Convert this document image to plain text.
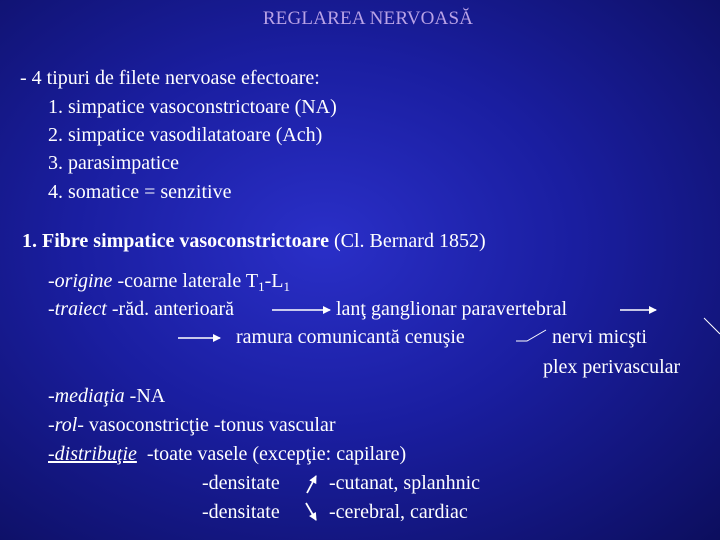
REGLAREA NERVOASĂ
- 4 tipuri de filete nervoase efectoare:
1. simpatice vasoconstrictoare (NA)
2. simpatice vasodilatatoare (Ach)
3. parasimpatice
4. somatice = senzitive
1. Fibre simpatice vasoconstrictoare (Cl. Bernard 1852)
-origine -coarne laterale $T_1-L_1$
-traiect -răd. anterioară	lanţ ganglionar paravertebral
ramura comunicantă cenuşie	nervi micşti
plex perivascular
-mediaţia -NA
-rol- vasoconstricţie -tonus vascular
-distribuţie  -toate vasele (excepţie: capilare)
-densitate -cutanat, splanhnic
-densitate -cerebral, cardiac
